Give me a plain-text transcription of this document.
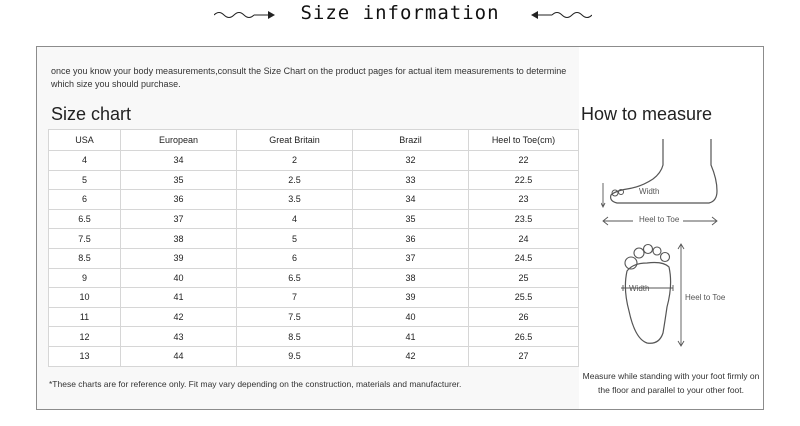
Size information
once you know your body measurements,consult the Size Chart on the product pages for actual item measurements to determine which size you should purchase.
Size chart
USA	European	Great Britain	Brazil	Heel to Toe(cm)
4	34	2	32	22
5	35	2.5	33	22.5
6	36	3.5	34	23
6.5	37	4	35	23.5
7.5	38	5	36	24
8.5	39	6	37	24.5
9	40	6.5	38	25
10	41	7	39	25.5
11	42	7.5	40	26
12	43	8.5	41	26.5
13	44	9.5	42	27
*These charts are for reference only. Fit may vary depending on the construction, materials and manufacturer.
How to measure
Width
Heel to Toe
Width
Heel to Toe
Measure while standing with your foot firmly on the floor and parallel to your other foot.
